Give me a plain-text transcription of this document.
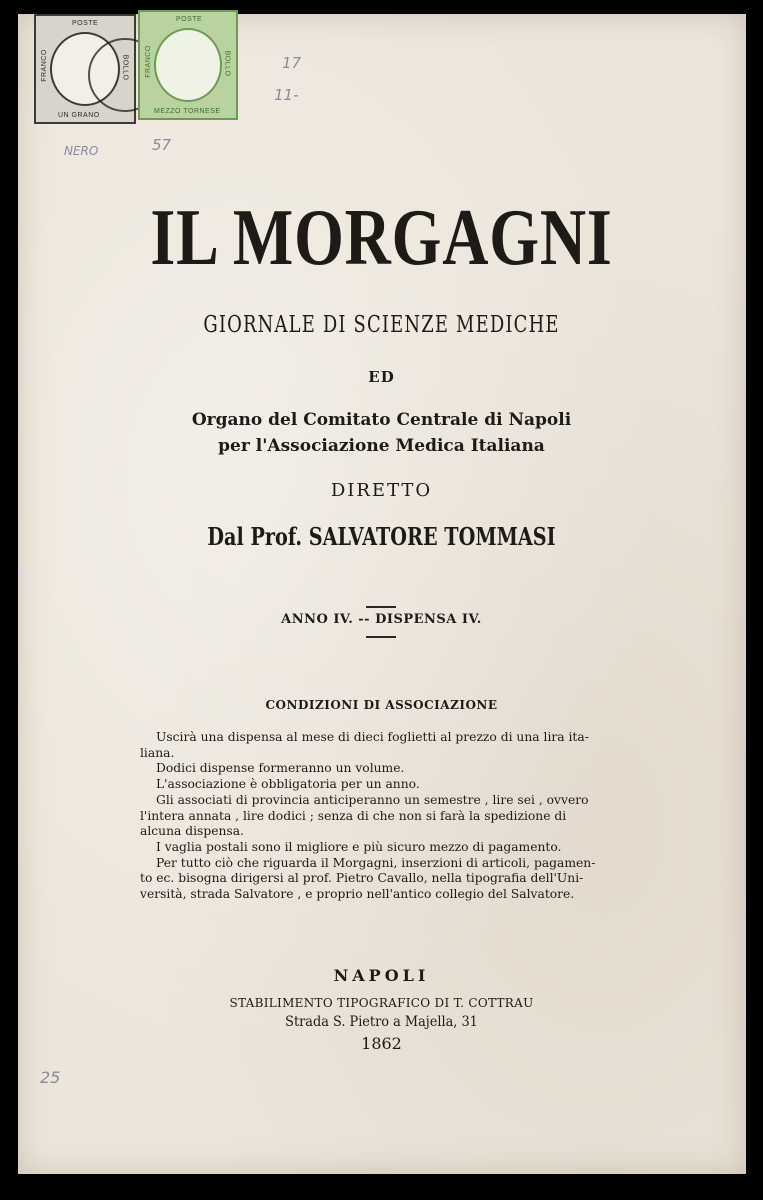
POSTE
UN GRANO
FRANCO	BOLLO
POSTE
MEZZO TORNESE
FRANCO	BOLLO	17
11-
NERO	57
25
IL MORGAGNI
GIORNALE DI SCIENZE MEDICHE
ED
Organo del Comitato Centrale di Napoli
per l'Associazione Medica Italiana
DIRETTO
Dal Prof. SALVATORE TOMMASI
ANNO IV. -- DISPENSA IV.
CONDIZIONI DI ASSOCIAZIONE

Uscirà una dispensa al mese di dieci foglietti al prezzo di una lira ita-

liana.

Dodici dispense formeranno un volume.

L'associazione è obbligatoria per un anno.

Gli associati di provincia anticiperanno un semestre , lire sei , ovvero

l'intera annata , lire dodici ; senza di che non si farà la spedizione di

alcuna dispensa.

I vaglia postali sono il migliore e più sicuro mezzo di pagamento.

Per tutto ciò che riguarda il Morgagni, inserzioni di articoli, pagamen-

to ec. bisogna dirigersi al prof. Pietro Cavallo, nella tipografia dell'Uni-

versità, strada Salvatore , e proprio nell'antico collegio del Salvatore.

NAPOLI
STABILIMENTO TIPOGRAFICO DI T. COTTRAU
Strada S. Pietro a Majella, 31
1862
